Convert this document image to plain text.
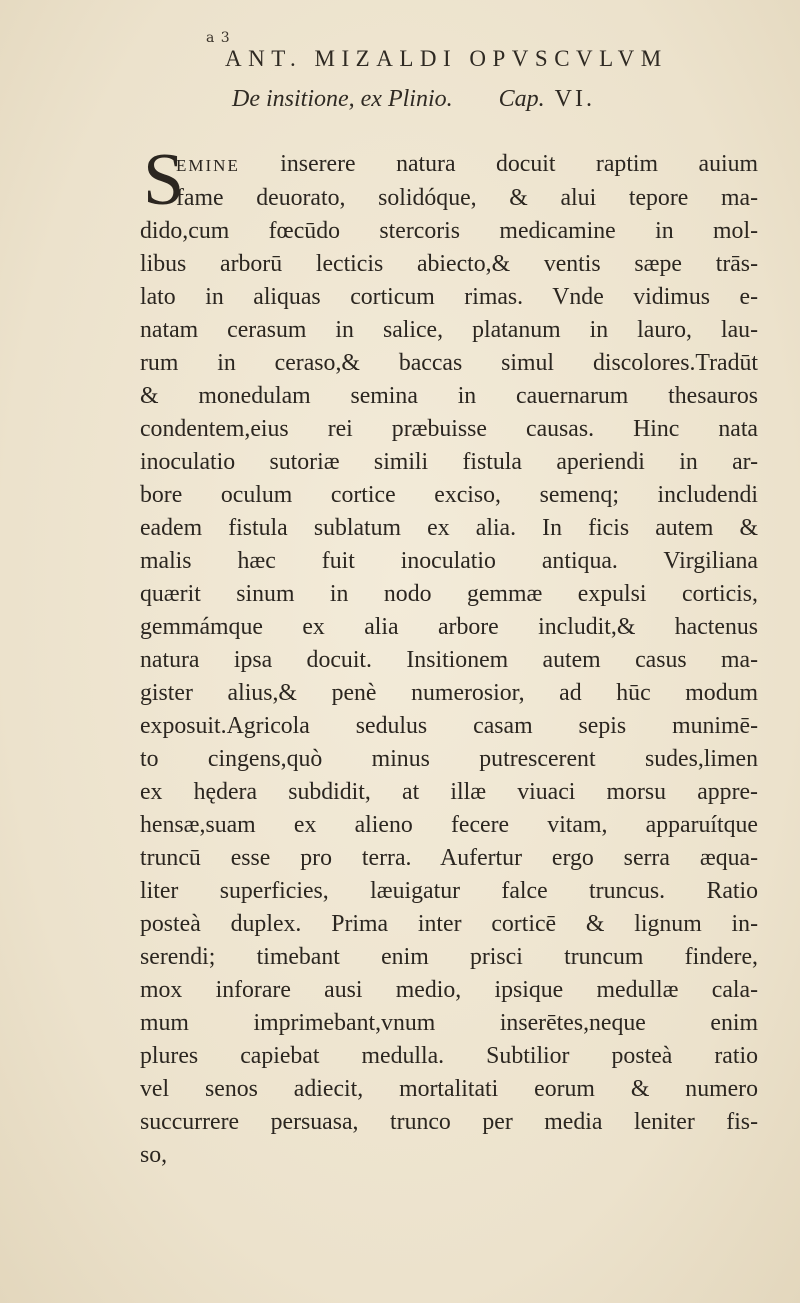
a 3
ANT. MIZALDI OPVSCVLVM
De insitione, ex Plinio. Cap. VI.
S
EMINE inserere natura docuit raptim auium
fame deuorato, solidóque, & alui tepore ma-
dido,cum fœcūdo stercoris medicamine in mol-
libus arborū lecticis abiecto,& ventis sæpe trās-
lato in aliquas corticum rimas. Vnde vidimus e-
natam cerasum in salice, platanum in lauro, lau-
rum in ceraso,& baccas simul discolores.Tradūt
& monedulam semina in cauernarum thesauros
condentem,eius rei præbuisse causas. Hinc nata
inoculatio sutoriæ simili fistula aperiendi in ar-
bore oculum cortice exciso, semenq; includendi
eadem fistula sublatum ex alia. In ficis autem &
malis hæc fuit inoculatio antiqua. Virgiliana
quærit sinum in nodo gemmæ expulsi corticis,
gemmámque ex alia arbore includit,& hactenus
natura ipsa docuit. Insitionem autem casus ma-
gister alius,& penè numerosior, ad hūc modum
exposuit.Agricola sedulus casam sepis munimē-
to cingens,quò minus putrescerent sudes,limen
ex hędera subdidit, at illæ viuaci morsu appre-
hensæ,suam ex alieno fecere vitam, apparuítque
truncū esse pro terra. Aufertur ergo serra æqua-
liter superficies, læuigatur falce truncus. Ratio
posteà duplex. Prima inter corticē & lignum in-
serendi; timebant enim prisci truncum findere,
mox inforare ausi medio, ipsique medullæ cala-
mum imprimebant,vnum inserētes,neque enim
plures capiebat medulla. Subtilior posteà ratio
vel senos adiecit, mortalitati eorum & numero
succurrere persuasa, trunco per media leniter fis-
so,
